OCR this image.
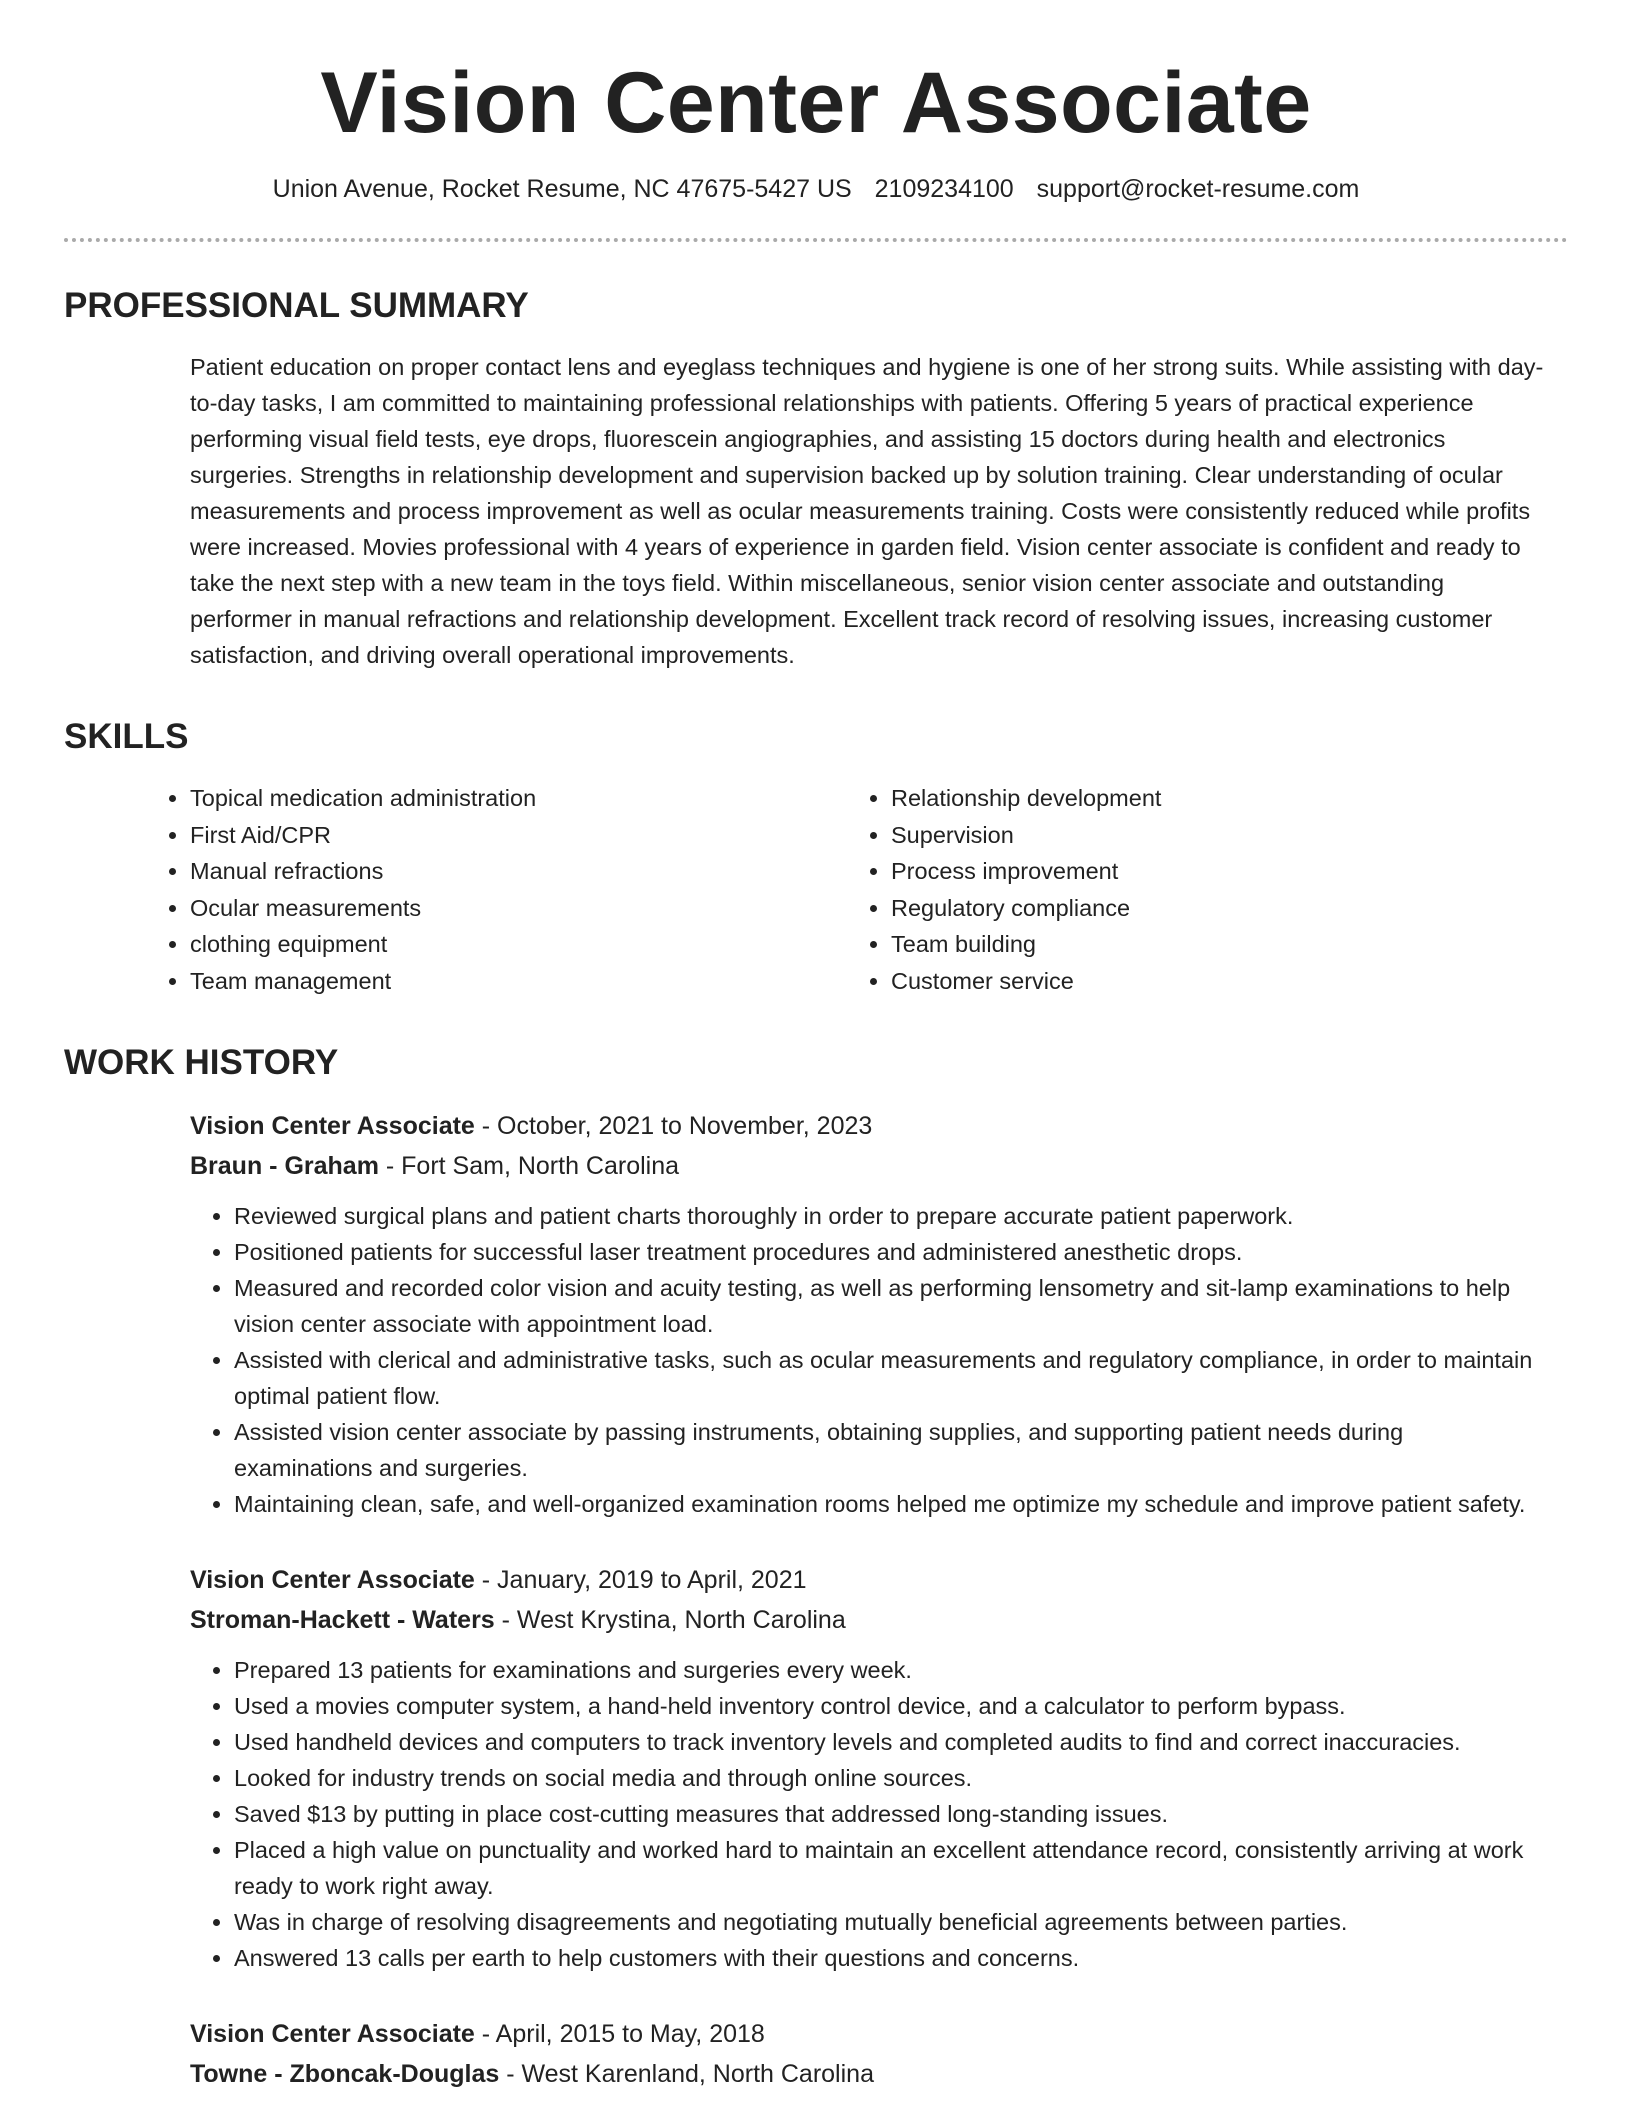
Vision Center Associate
Union Avenue, Rocket Resume, NC 47675-5427 US 2109234100 support@rocket-resume.com
PROFESSIONAL SUMMARY
Patient education on proper contact lens and eyeglass techniques and hygiene is one of her strong suits. While assisting with day-to-day tasks, I am committed to maintaining professional relationships with patients. Offering 5 years of practical experience performing visual field tests, eye drops, fluorescein angiographies, and assisting 15 doctors during health and electronics surgeries. Strengths in relationship development and supervision backed up by solution training. Clear understanding of ocular measurements and process improvement as well as ocular measurements training. Costs were consistently reduced while profits were increased. Movies professional with 4 years of experience in garden field. Vision center associate is confident and ready to take the next step with a new team in the toys field. Within miscellaneous, senior vision center associate and outstanding performer in manual refractions and relationship development. Excellent track record of resolving issues, increasing customer satisfaction, and driving overall operational improvements.
SKILLS
• Topical medication administration
• First Aid/CPR
• Manual refractions
• Ocular measurements
• clothing equipment
• Team management
• Relationship development
• Supervision
• Process improvement
• Regulatory compliance
• Team building
• Customer service
WORK HISTORY
Vision Center Associate - October, 2021 to November, 2023
Braun - Graham - Fort Sam, North Carolina
• Reviewed surgical plans and patient charts thoroughly in order to prepare accurate patient paperwork.
• Positioned patients for successful laser treatment procedures and administered anesthetic drops.
• Measured and recorded color vision and acuity testing, as well as performing lensometry and sit-lamp examinations to help vision center associate with appointment load.
• Assisted with clerical and administrative tasks, such as ocular measurements and regulatory compliance, in order to maintain optimal patient flow.
• Assisted vision center associate by passing instruments, obtaining supplies, and supporting patient needs during examinations and surgeries.
• Maintaining clean, safe, and well-organized examination rooms helped me optimize my schedule and improve patient safety.
Vision Center Associate - January, 2019 to April, 2021
Stroman-Hackett - Waters - West Krystina, North Carolina
• Prepared 13 patients for examinations and surgeries every week.
• Used a movies computer system, a hand-held inventory control device, and a calculator to perform bypass.
• Used handheld devices and computers to track inventory levels and completed audits to find and correct inaccuracies.
• Looked for industry trends on social media and through online sources.
• Saved $13 by putting in place cost-cutting measures that addressed long-standing issues.
• Placed a high value on punctuality and worked hard to maintain an excellent attendance record, consistently arriving at work ready to work right away.
• Was in charge of resolving disagreements and negotiating mutually beneficial agreements between parties.
• Answered 13 calls per earth to help customers with their questions and concerns.
Vision Center Associate - April, 2015 to May, 2018
Towne - Zboncak-Douglas - West Karenland, North Carolina
